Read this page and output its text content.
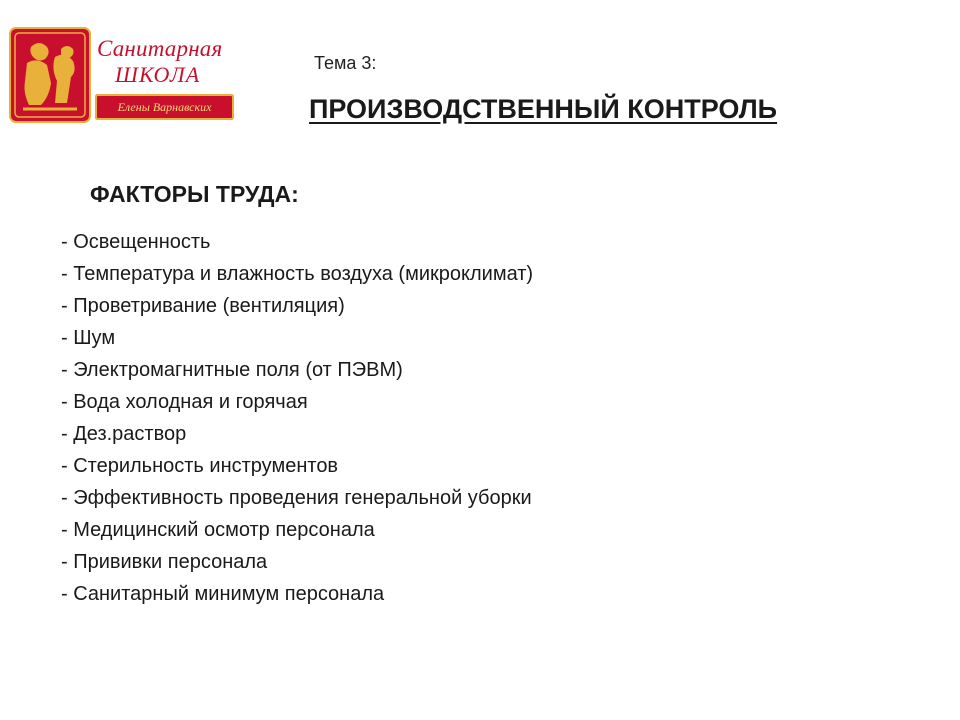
Санитарная
ШКОЛА
Елены Варнавских
Тема 3:
ПРОИЗВОДСТВЕННЫЙ КОНТРОЛЬ
ФАКТОРЫ ТРУДА:
- Освещенность
- Температура и влажность воздуха (микроклимат)
- Проветривание (вентиляция)
- Шум
- Электромагнитные поля (от ПЭВМ)
- Вода холодная и горячая
- Дез.раствор
- Стерильность инструментов
- Эффективность проведения генеральной уборки
- Медицинский осмотр персонала
- Прививки персонала
- Санитарный минимум персонала
